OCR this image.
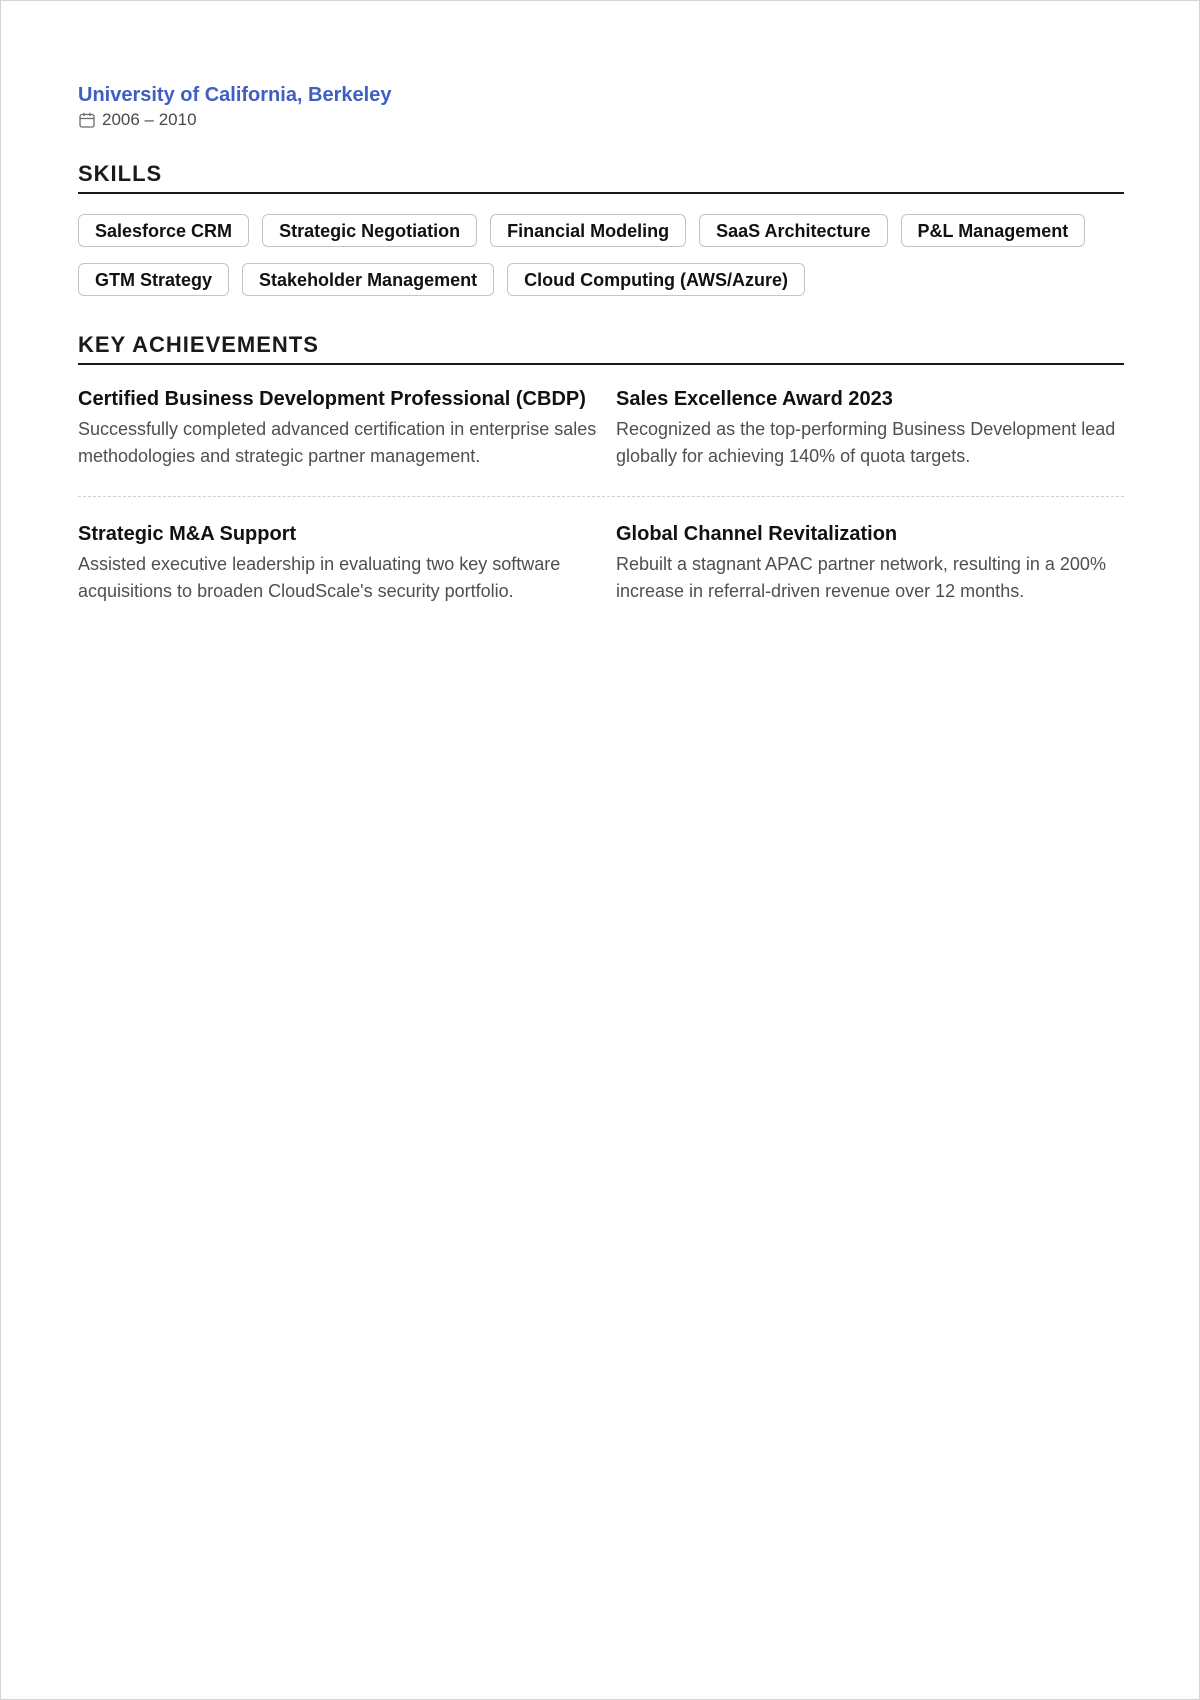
University of California, Berkeley
2006 – 2010
SKILLS
Salesforce CRM	Strategic Negotiation	Financial Modeling	SaaS Architecture	P&L Management
GTM Strategy	Stakeholder Management	Cloud Computing (AWS/Azure)
KEY ACHIEVEMENTS
Certified Business Development Professional (CBDP)
Successfully completed advanced certification in enterprise sales methodologies and strategic partner management.
Sales Excellence Award 2023
Recognized as the top-performing Business Development lead globally for achieving 140% of quota targets.
Strategic M&A Support
Assisted executive leadership in evaluating two key software acquisitions to broaden CloudScale's security portfolio.
Global Channel Revitalization
Rebuilt a stagnant APAC partner network, resulting in a 200% increase in referral-driven revenue over 12 months.
